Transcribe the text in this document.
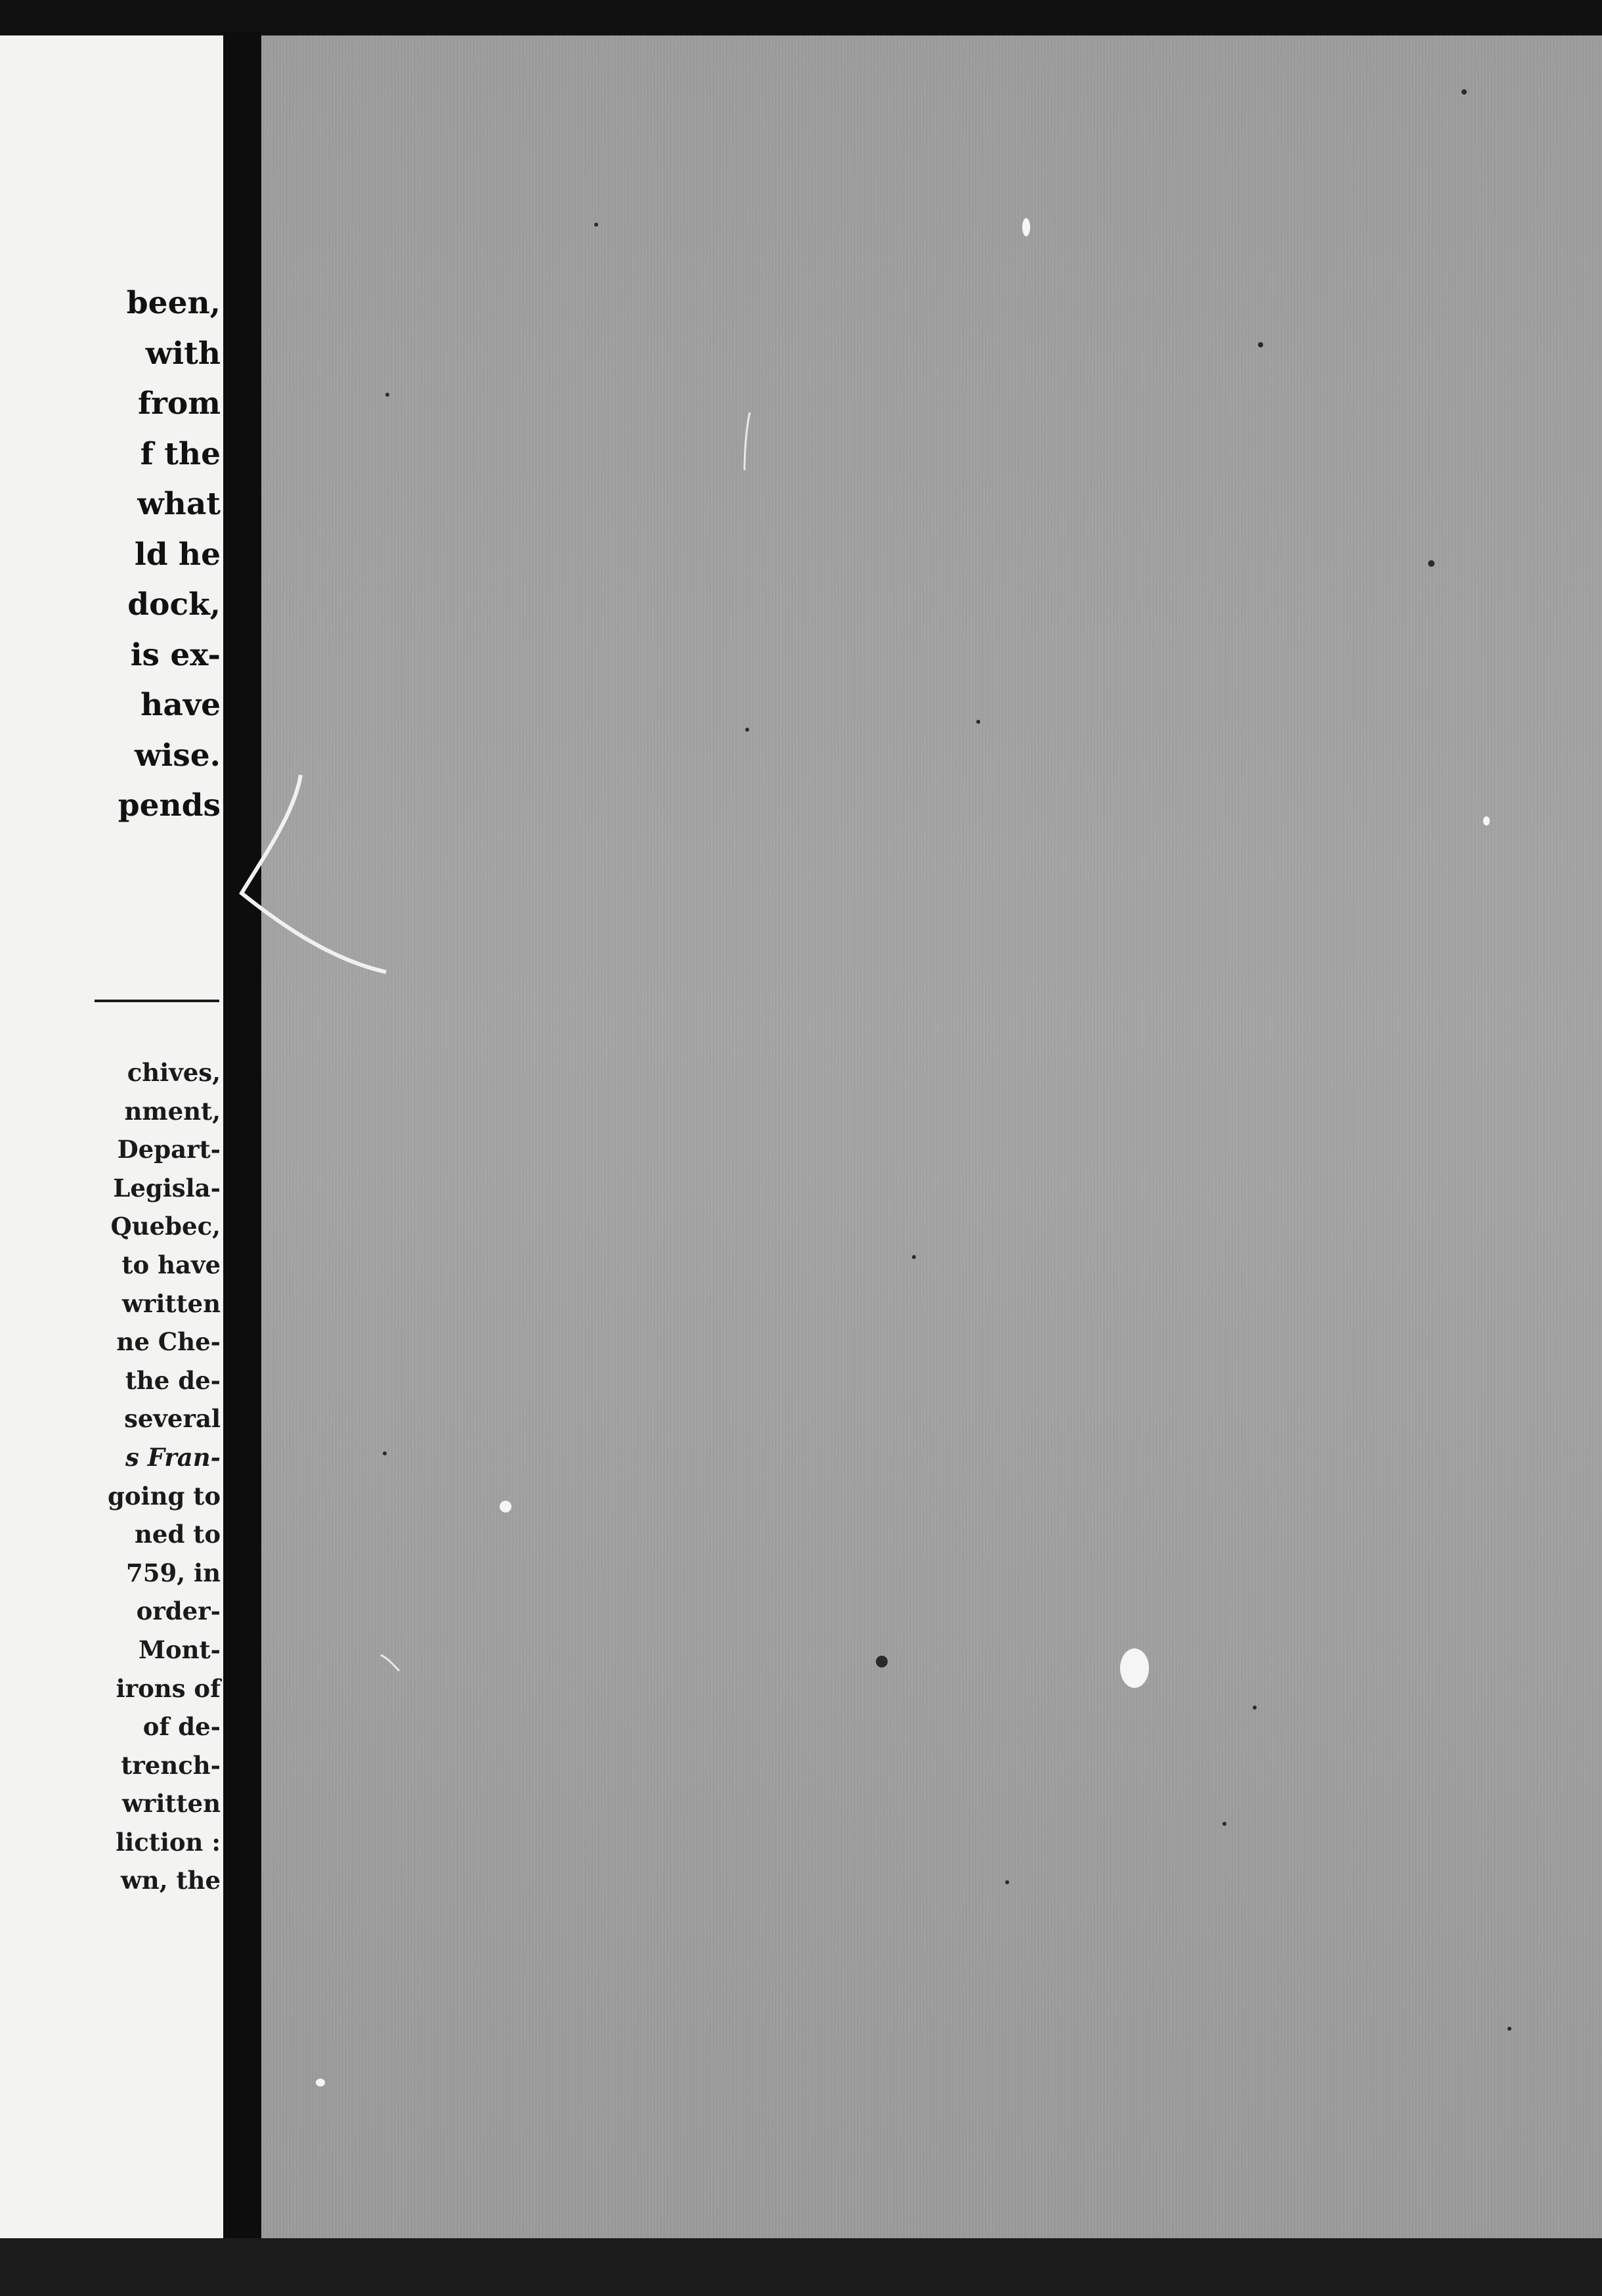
been,
with
from
f the
what
ld he
dock,
is ex-
have
wise.
pends
chives,
nment,
Depart-
Legisla-
Quebec,
to have
written
ne Che-
the de-
several
s Fran-
going to
ned to
759, in
order-
Mont-
irons of
of de-
trench-
written
liction :
wn, the
